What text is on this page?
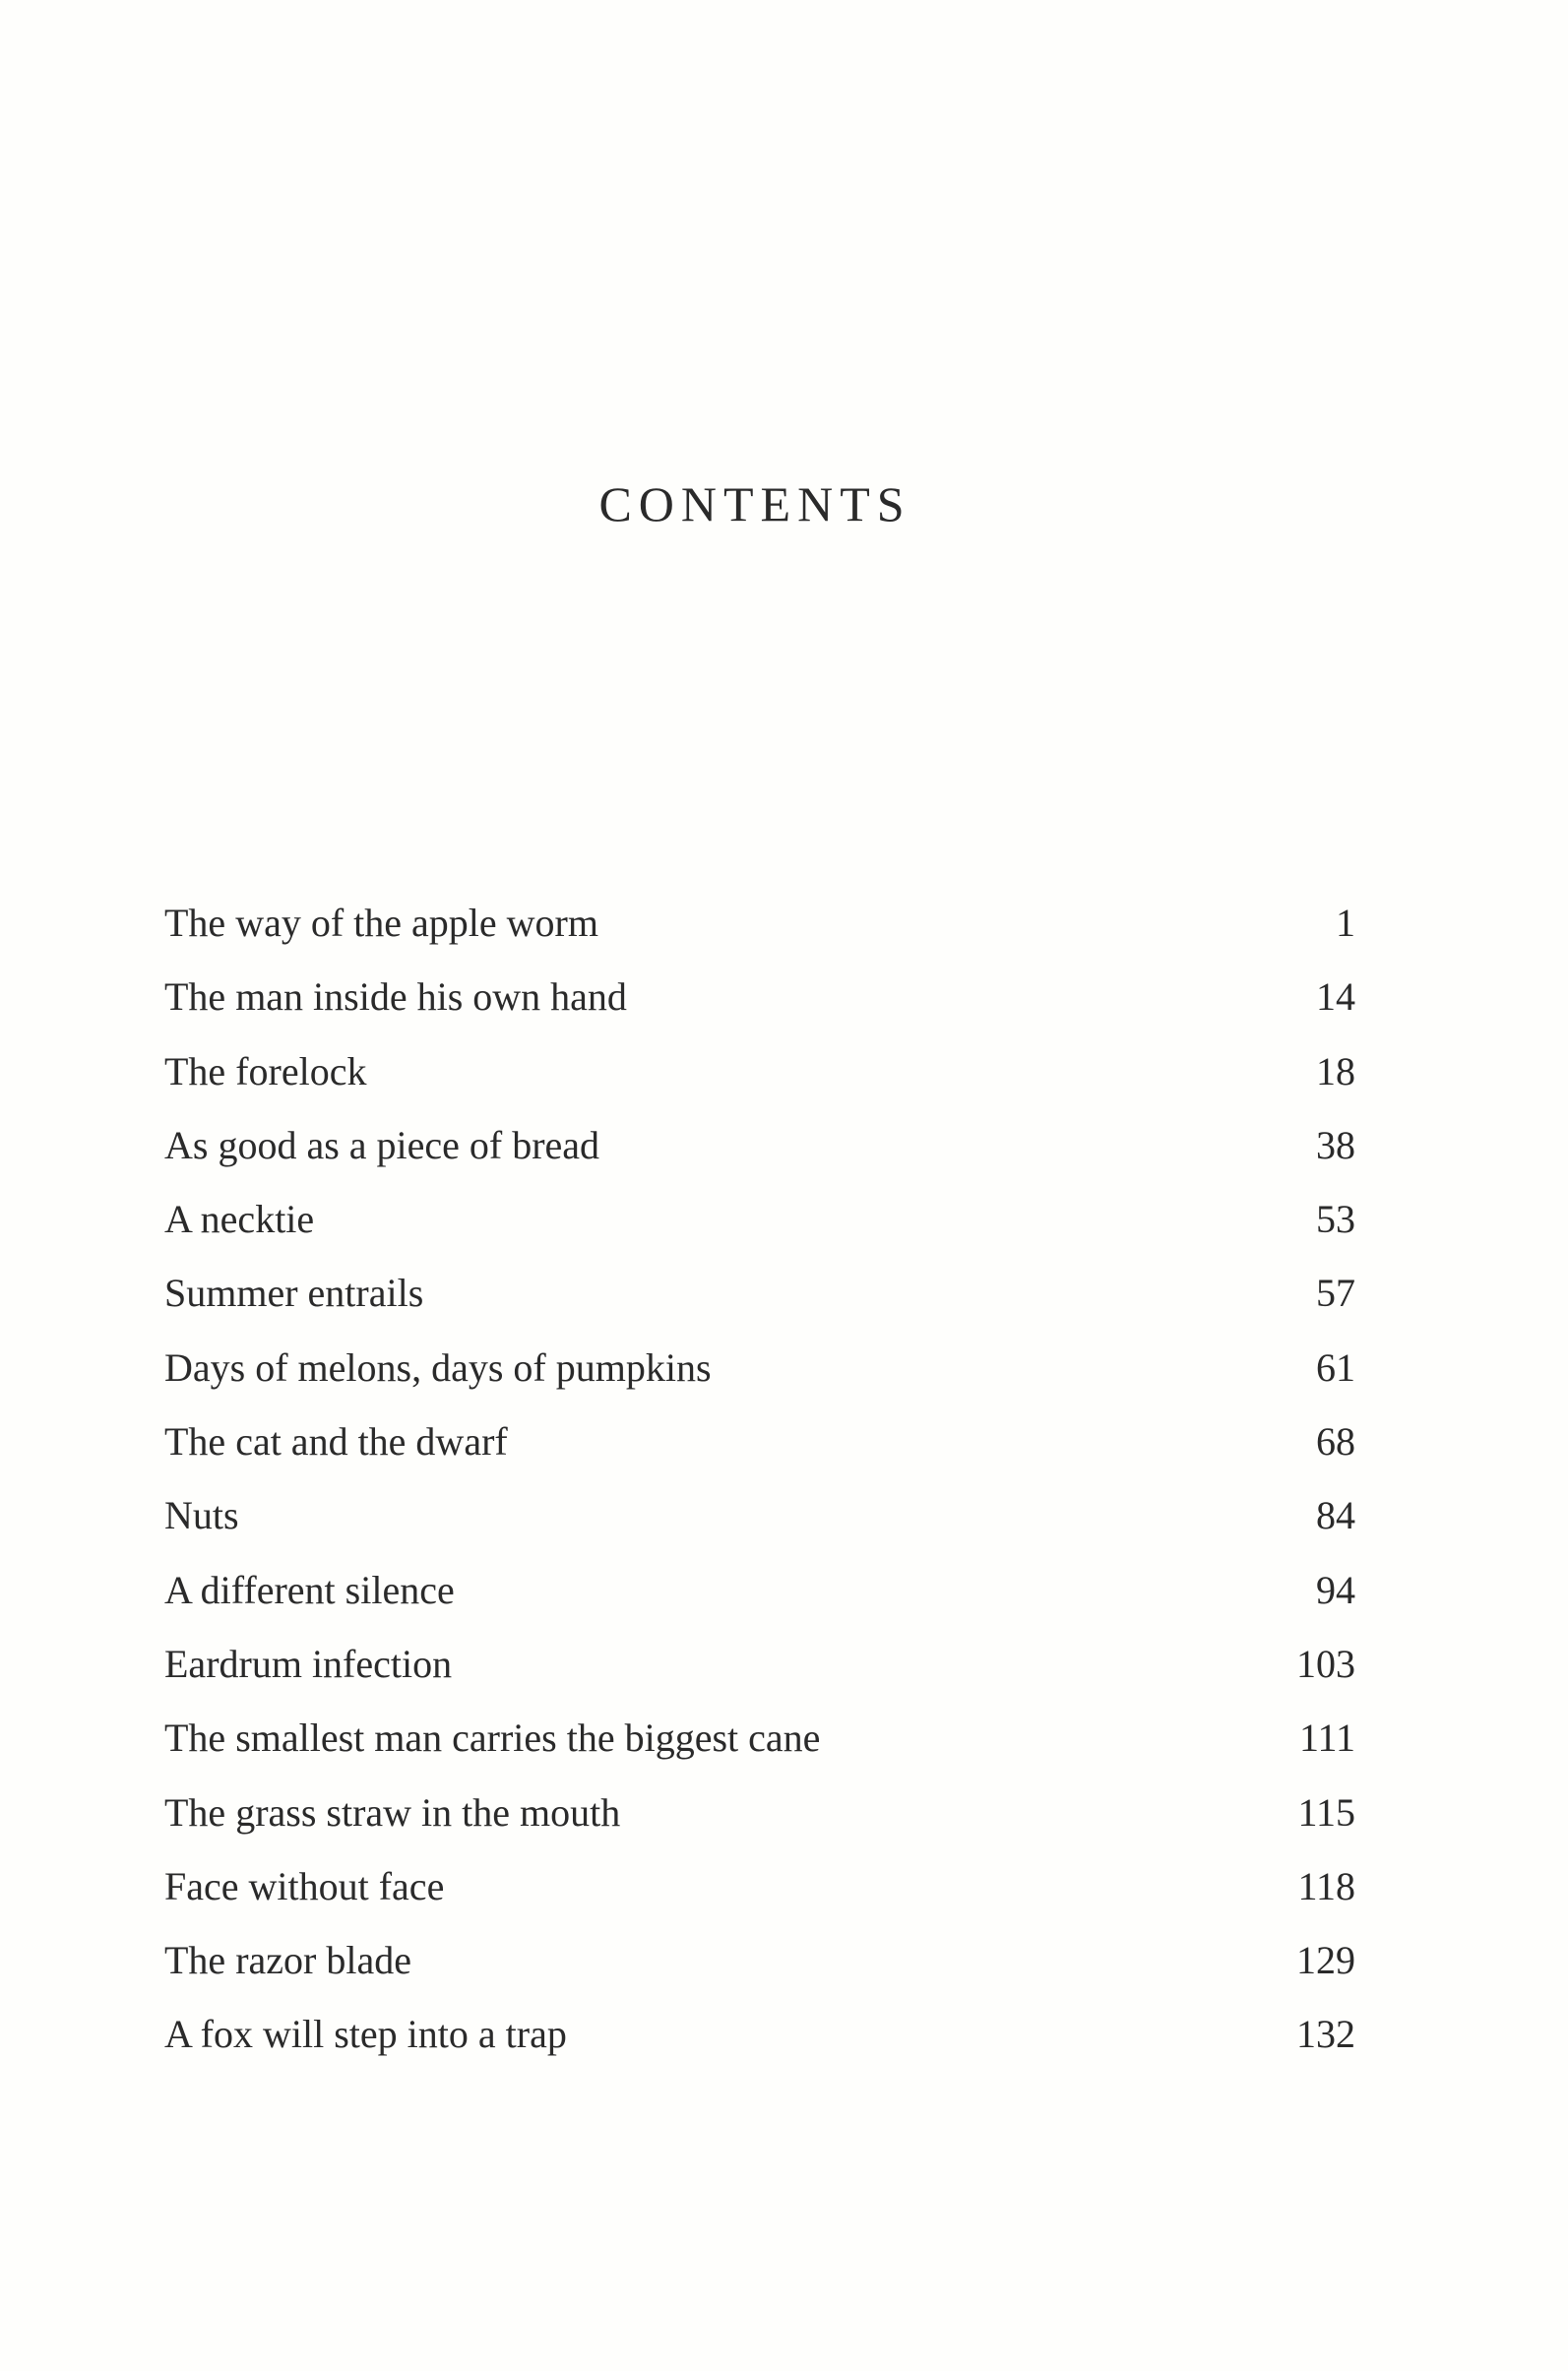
CONTENTS
The way of the apple worm	1
The man inside his own hand	14
The forelock	18
As good as a piece of bread	38
A necktie	53
Summer entrails	57
Days of melons, days of pumpkins	61
The cat and the dwarf	68
Nuts	84
A different silence	94
Eardrum infection	103
The smallest man carries the biggest cane	111
The grass straw in the mouth	115
Face without face	118
The razor blade	129
A fox will step into a trap	132
